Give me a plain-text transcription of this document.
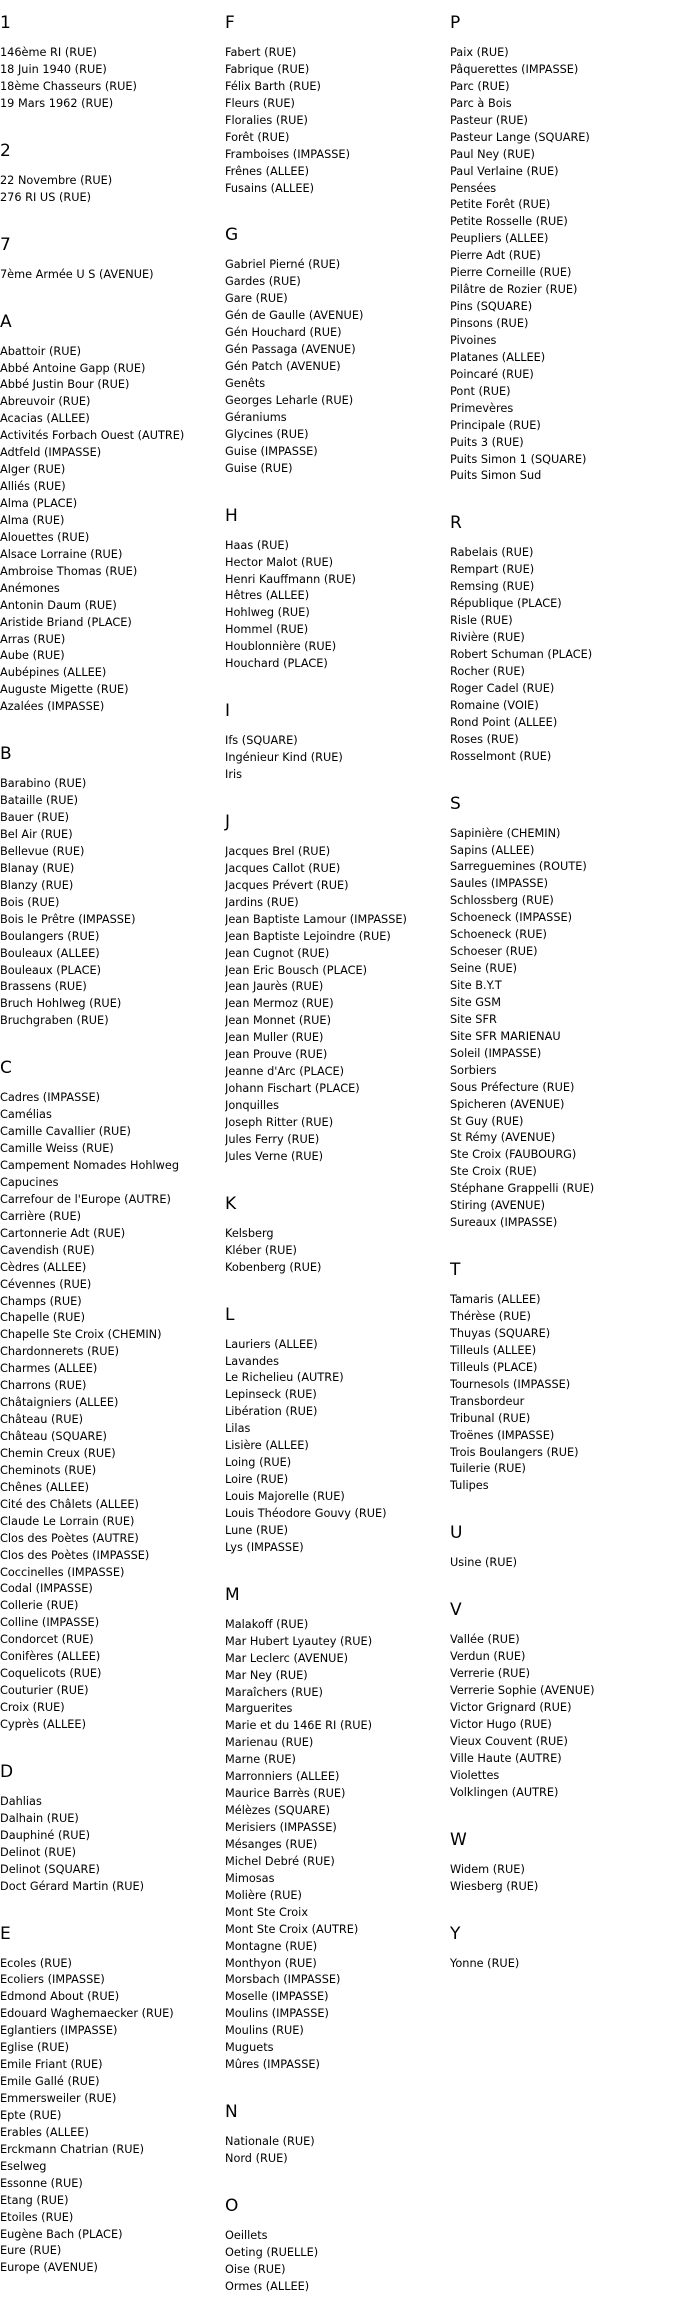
1
146ème RI (RUE)
18 Juin 1940 (RUE)
18ème Chasseurs (RUE)
19 Mars 1962 (RUE)
2
22 Novembre (RUE)
276 RI US (RUE)
7
7ème Armée U S (AVENUE)
A
Abattoir (RUE)
Abbé Antoine Gapp (RUE)
Abbé Justin Bour (RUE)
Abreuvoir (RUE)
Acacias (ALLEE)
Activités Forbach Ouest (AUTRE)
Adtfeld (IMPASSE)
Alger (RUE)
Alliés (RUE)
Alma (PLACE)
Alma (RUE)
Alouettes (RUE)
Alsace Lorraine (RUE)
Ambroise Thomas (RUE)
Anémones
Antonin Daum (RUE)
Aristide Briand (PLACE)
Arras (RUE)
Aube (RUE)
Aubépines (ALLEE)
Auguste Migette (RUE)
Azalées (IMPASSE)
B
Barabino (RUE)
Bataille (RUE)
Bauer (RUE)
Bel Air (RUE)
Bellevue (RUE)
Blanay (RUE)
Blanzy (RUE)
Bois (RUE)
Bois le Prêtre (IMPASSE)
Boulangers (RUE)
Bouleaux (ALLEE)
Bouleaux (PLACE)
Brassens (RUE)
Bruch Hohlweg (RUE)
Bruchgraben (RUE)
C
Cadres (IMPASSE)
Camélias
Camille Cavallier (RUE)
Camille Weiss (RUE)
Campement Nomades Hohlweg
Capucines
Carrefour de l'Europe (AUTRE)
Carrière (RUE)
Cartonnerie Adt (RUE)
Cavendish (RUE)
Cèdres (ALLEE)
Cévennes (RUE)
Champs (RUE)
Chapelle (RUE)
Chapelle Ste Croix (CHEMIN)
Chardonnerets (RUE)
Charmes (ALLEE)
Charrons (RUE)
Châtaigniers (ALLEE)
Château (RUE)
Château (SQUARE)
Chemin Creux (RUE)
Cheminots (RUE)
Chênes (ALLEE)
Cité des Châlets (ALLEE)
Claude Le Lorrain (RUE)
Clos des Poètes (AUTRE)
Clos des Poètes (IMPASSE)
Coccinelles (IMPASSE)
Codal (IMPASSE)
Collerie (RUE)
Colline (IMPASSE)
Condorcet (RUE)
Conifères (ALLEE)
Coquelicots (RUE)
Couturier (RUE)
Croix (RUE)
Cyprès (ALLEE)
D
Dahlias
Dalhain (RUE)
Dauphiné (RUE)
Delinot (RUE)
Delinot (SQUARE)
Doct Gérard Martin (RUE)
E
Ecoles (RUE)
Ecoliers (IMPASSE)
Edmond About (RUE)
Edouard Waghemaecker (RUE)
Eglantiers (IMPASSE)
Eglise (RUE)
Emile Friant (RUE)
Emile Gallé (RUE)
Emmersweiler (RUE)
Epte (RUE)
Erables (ALLEE)
Erckmann Chatrian (RUE)
Eselweg
Essonne (RUE)
Etang (RUE)
Etoiles (RUE)
Eugène Bach (PLACE)
Eure (RUE)
Europe (AVENUE)
F
Fabert (RUE)
Fabrique (RUE)
Félix Barth (RUE)
Fleurs (RUE)
Floralies (RUE)
Forêt (RUE)
Framboises (IMPASSE)
Frênes (ALLEE)
Fusains (ALLEE)
G
Gabriel Pierné (RUE)
Gardes (RUE)
Gare (RUE)
Gén de Gaulle (AVENUE)
Gén Houchard (RUE)
Gén Passaga (AVENUE)
Gén Patch (AVENUE)
Genêts
Georges Leharle (RUE)
Géraniums
Glycines (RUE)
Guise (IMPASSE)
Guise (RUE)
H
Haas (RUE)
Hector Malot (RUE)
Henri Kauffmann (RUE)
Hêtres (ALLEE)
Hohlweg (RUE)
Hommel (RUE)
Houblonnière (RUE)
Houchard (PLACE)
I
Ifs (SQUARE)
Ingénieur Kind (RUE)
Iris
J
Jacques Brel (RUE)
Jacques Callot (RUE)
Jacques Prévert (RUE)
Jardins (RUE)
Jean Baptiste Lamour (IMPASSE)
Jean Baptiste Lejoindre (RUE)
Jean Cugnot (RUE)
Jean Eric Bousch (PLACE)
Jean Jaurès (RUE)
Jean Mermoz (RUE)
Jean Monnet (RUE)
Jean Muller (RUE)
Jean Prouve (RUE)
Jeanne d'Arc (PLACE)
Johann Fischart (PLACE)
Jonquilles
Joseph Ritter (RUE)
Jules Ferry (RUE)
Jules Verne (RUE)
K
Kelsberg
Kléber (RUE)
Kobenberg (RUE)
L
Lauriers (ALLEE)
Lavandes
Le Richelieu (AUTRE)
Lepinseck (RUE)
Libération (RUE)
Lilas
Lisière (ALLEE)
Loing (RUE)
Loire (RUE)
Louis Majorelle (RUE)
Louis Théodore Gouvy (RUE)
Lune (RUE)
Lys (IMPASSE)
M
Malakoff (RUE)
Mar Hubert Lyautey (RUE)
Mar Leclerc (AVENUE)
Mar Ney (RUE)
Maraîchers (RUE)
Marguerites
Marie et du 146E RI (RUE)
Marienau (RUE)
Marne (RUE)
Marronniers (ALLEE)
Maurice Barrès (RUE)
Mélèzes (SQUARE)
Merisiers (IMPASSE)
Mésanges (RUE)
Michel Debré (RUE)
Mimosas
Molière (RUE)
Mont Ste Croix
Mont Ste Croix (AUTRE)
Montagne (RUE)
Monthyon (RUE)
Morsbach (IMPASSE)
Moselle (IMPASSE)
Moulins (IMPASSE)
Moulins (RUE)
Muguets
Mûres (IMPASSE)
N
Nationale (RUE)
Nord (RUE)
O
Oeillets
Oeting (RUELLE)
Oise (RUE)
Ormes (ALLEE)
P
Paix (RUE)
Pâquerettes (IMPASSE)
Parc (RUE)
Parc à Bois
Pasteur (RUE)
Pasteur Lange (SQUARE)
Paul Ney (RUE)
Paul Verlaine (RUE)
Pensées
Petite Forêt (RUE)
Petite Rosselle (RUE)
Peupliers (ALLEE)
Pierre Adt (RUE)
Pierre Corneille (RUE)
Pilâtre de Rozier (RUE)
Pins (SQUARE)
Pinsons (RUE)
Pivoines
Platanes (ALLEE)
Poincaré (RUE)
Pont (RUE)
Primevères
Principale (RUE)
Puits 3 (RUE)
Puits Simon 1 (SQUARE)
Puits Simon Sud
R
Rabelais (RUE)
Rempart (RUE)
Remsing (RUE)
République (PLACE)
Risle (RUE)
Rivière (RUE)
Robert Schuman (PLACE)
Rocher (RUE)
Roger Cadel (RUE)
Romaine (VOIE)
Rond Point (ALLEE)
Roses (RUE)
Rosselmont (RUE)
S
Sapinière (CHEMIN)
Sapins (ALLEE)
Sarreguemines (ROUTE)
Saules (IMPASSE)
Schlossberg (RUE)
Schoeneck (IMPASSE)
Schoeneck (RUE)
Schoeser (RUE)
Seine (RUE)
Site B.Y.T
Site GSM
Site SFR
Site SFR MARIENAU
Soleil (IMPASSE)
Sorbiers
Sous Préfecture (RUE)
Spicheren (AVENUE)
St Guy (RUE)
St Rémy (AVENUE)
Ste Croix (FAUBOURG)
Ste Croix (RUE)
Stéphane Grappelli (RUE)
Stiring (AVENUE)
Sureaux (IMPASSE)
T
Tamaris (ALLEE)
Thérèse (RUE)
Thuyas (SQUARE)
Tilleuls (ALLEE)
Tilleuls (PLACE)
Tournesols (IMPASSE)
Transbordeur
Tribunal (RUE)
Troënes (IMPASSE)
Trois Boulangers (RUE)
Tuilerie (RUE)
Tulipes
U
Usine (RUE)
V
Vallée (RUE)
Verdun (RUE)
Verrerie (RUE)
Verrerie Sophie (AVENUE)
Victor Grignard (RUE)
Victor Hugo (RUE)
Vieux Couvent (RUE)
Ville Haute (AUTRE)
Violettes
Volklingen (AUTRE)
W
Widem (RUE)
Wiesberg (RUE)
Y
Yonne (RUE)
